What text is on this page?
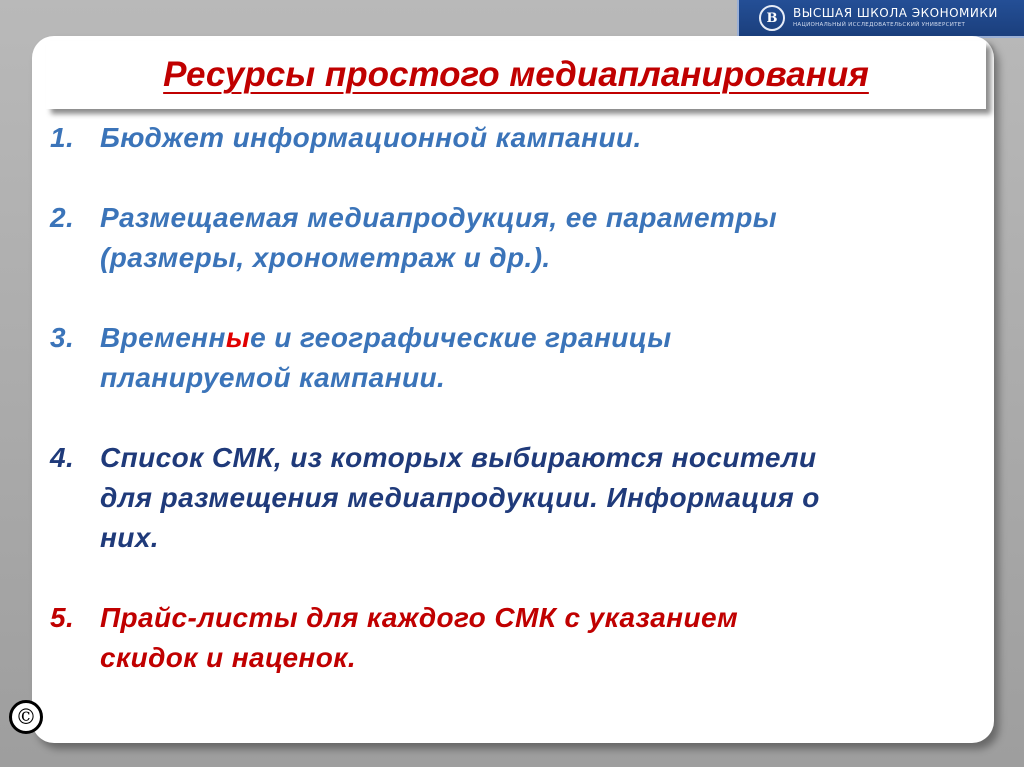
В	ВЫСШАЯ ШКОЛА ЭКОНОМИКИ
НАЦИОНАЛЬНЫЙ ИССЛЕДОВАТЕЛЬСКИЙ УНИВЕРСИТЕТ
Ресурсы простого медиапланирования
1. Бюджет информационной кампании.
2. Размещаемая медиапродукция, ее параметры
(размеры, хронометраж и др.).
3. Временные и географические границы
планируемой кампании.
4. Список СМК, из которых выбираются носители
для размещения медиапродукции. Информация о
них.
5. Прайс-листы для каждого СМК с указанием
скидок и наценок.
©
